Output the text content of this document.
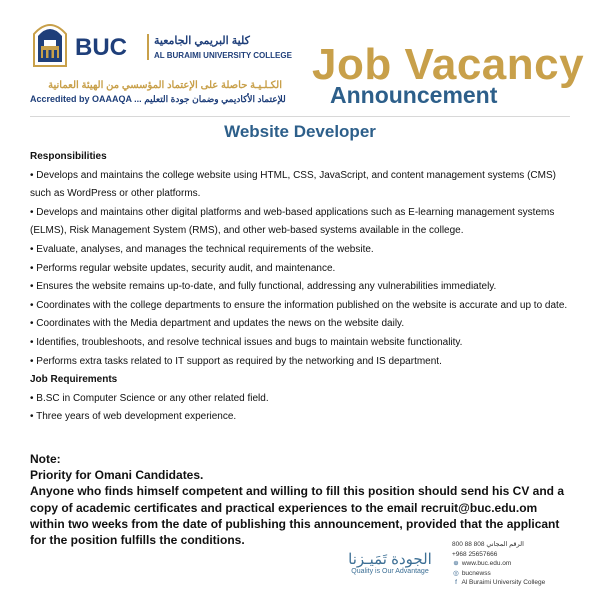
BUC كلية البريمي الجامعية
AL BURAIMI UNIVERSITY COLLEGE
الكـلـيـة حاصلة على الإعتماد المؤسسي من الهيئة العمانية
Accredited by OAAAQA ... للإعتماد الأكاديمي وضمان جودة التعليم
Job Vacancy
Announcement
Website Developer
Responsibilities

• Develops and maintains the college website using HTML, CSS, JavaScript, and content management systems (CMS) such as WordPress or other platforms.

• Develops and maintains other digital platforms and web-based applications such as E-learning management systems (ELMS), Risk Management System (RMS), and other web-based systems available in the college.

• Evaluate, analyses, and manages the technical requirements of the website.

• Performs regular website updates, security audit, and maintenance.

• Ensures the website remains up-to-date, and fully functional, addressing any vulnerabilities immediately.

• Coordinates with the college departments to ensure the information published on the website is accurate and up to date.

• Coordinates with the Media department and updates the news on the website daily.

• Identifies, troubleshoots, and resolve technical issues and bugs to maintain website functionality.

• Performs extra tasks related to IT support as required by the networking and IS department.

Job Requirements

• B.SC in Computer Science or any other related field.

• Three years of web development experience.

Note:
Priority for Omani Candidates.
Anyone who finds himself competent and willing to fill this position should send his CV and a copy of academic certificates and practical experiences to the email recruit@buc.edu.om within two weeks from the date of publishing this announcement, provided that the applicant for the position fulfills the conditions.
الجودة تَمَيـزنا
Quality is Our Advantage
800 88 808 الرقم المجاني
+968 25657666
⊕ www.buc.edu.om
◎ bucnewss
f Al Buraimi University College
